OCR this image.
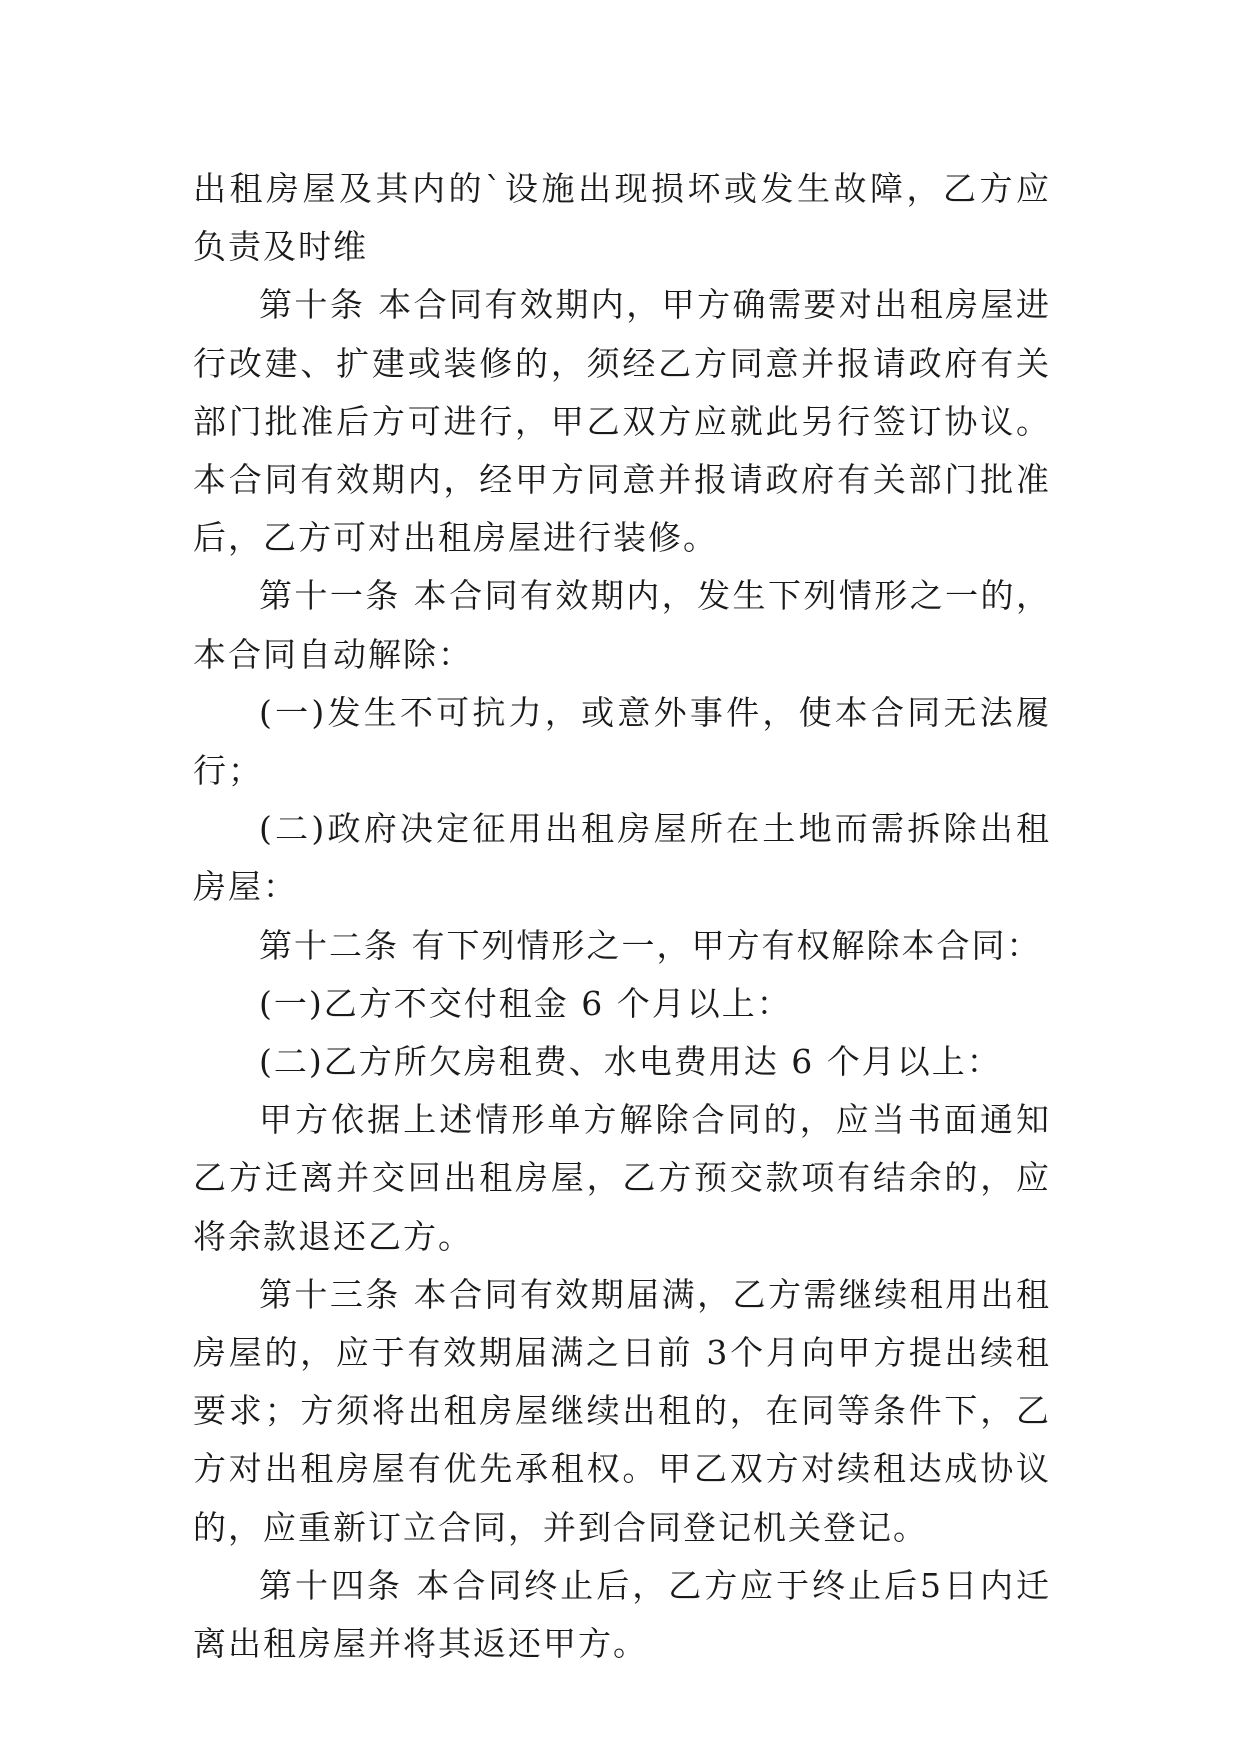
出租房屋及其内的`设施出现损坏或发生故障，乙方应负责及时维

第十条 本合同有效期内，甲方确需要对出租房屋进行改建、扩建或装修的，须经乙方同意并报请政府有关部门批准后方可进行，甲乙双方应就此另行签订协议。本合同有效期内，经甲方同意并报请政府有关部门批准后，乙方可对出租房屋进行装修。

第十一条 本合同有效期内，发生下列情形之一的，本合同自动解除：

(一)发生不可抗力，或意外事件，使本合同无法履行；

(二)政府决定征用出租房屋所在土地而需拆除出租房屋：

第十二条 有下列情形之一，甲方有权解除本合同：

(一)乙方不交付租金 6 个月以上：

(二)乙方所欠房租费、水电费用达 6 个月以上：

甲方依据上述情形单方解除合同的，应当书面通知乙方迁离并交回出租房屋，乙方预交款项有结余的，应将余款退还乙方。

第十三条 本合同有效期届满，乙方需继续租用出租房屋的，应于有效期届满之日前 3个月向甲方提出续租要求；方须将出租房屋继续出租的，在同等条件下，乙方对出租房屋有优先承租权。甲乙双方对续租达成协议的，应重新订立合同，并到合同登记机关登记。

第十四条 本合同终止后，乙方应于终止后5日内迁离出租房屋并将其返还甲方。
